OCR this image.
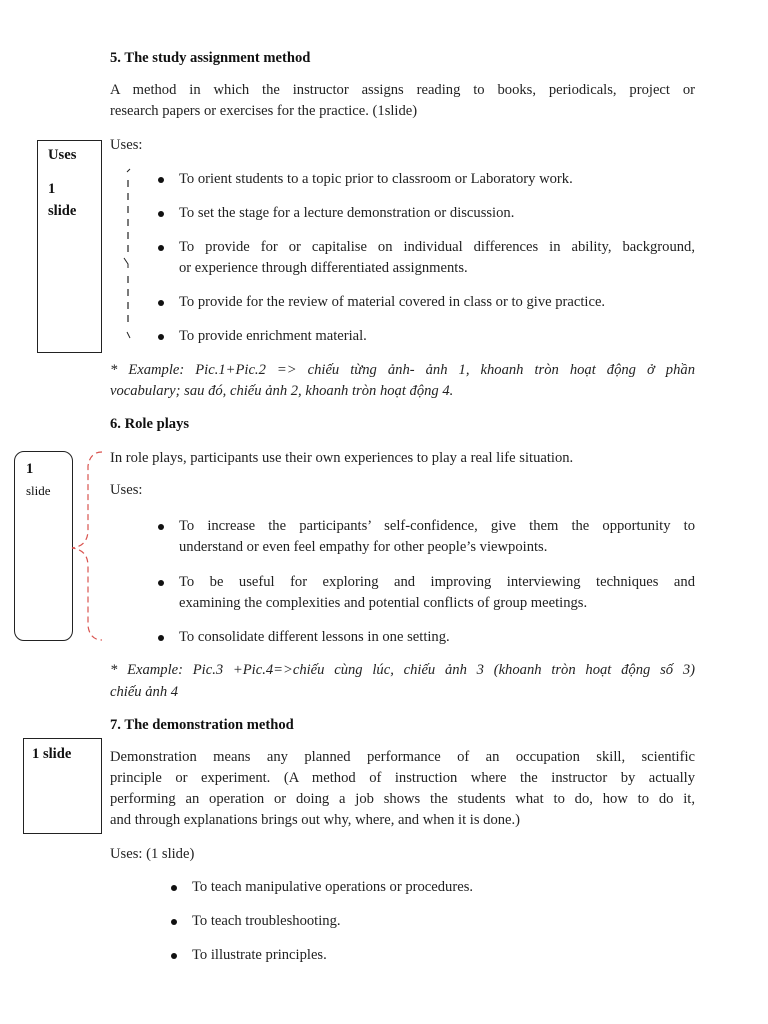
5. The study assignment method
A method in which the instructor assigns reading to books, periodicals, project or
research papers or exercises for the practice. (1slide)
Uses:
Uses
1
slide
To orient students to a topic prior to classroom or Laboratory work.
To set the stage for a lecture demonstration or discussion.
To provide for or capitalise on individual differences in ability, background,
or experience through differentiated assignments.
To provide for the review of material covered in class or to give practice.
To provide enrichment material.
* Example: Pic.1+Pic.2 => chiếu từng ảnh- ảnh 1, khoanh tròn hoạt động ở phần
vocabulary; sau đó, chiếu ảnh 2, khoanh tròn hoạt động 4.
6. Role plays
1
slide
In role plays, participants use their own experiences to play a real life situation.
Uses:
To increase the participants’ self-confidence, give them the opportunity to
understand or even feel empathy for other people’s viewpoints.
To be useful for exploring and improving interviewing techniques and
examining the complexities and potential conflicts of group meetings.
To consolidate different lessons in one setting.
* Example: Pic.3 +Pic.4=>chiếu cùng lúc, chiếu ảnh 3 (khoanh tròn hoạt động số 3)
chiếu ảnh 4
7. The demonstration method
1 slide	Demonstration means any planned performance of an occupation skill, scientific
principle or experiment. (A method of instruction where the instructor by actually
performing an operation or doing a job shows the students what to do, how to do it,
and through explanations brings out why, where, and when it is done.)
Uses: (1 slide)
To teach manipulative operations or procedures.
To teach troubleshooting.
To illustrate principles.
